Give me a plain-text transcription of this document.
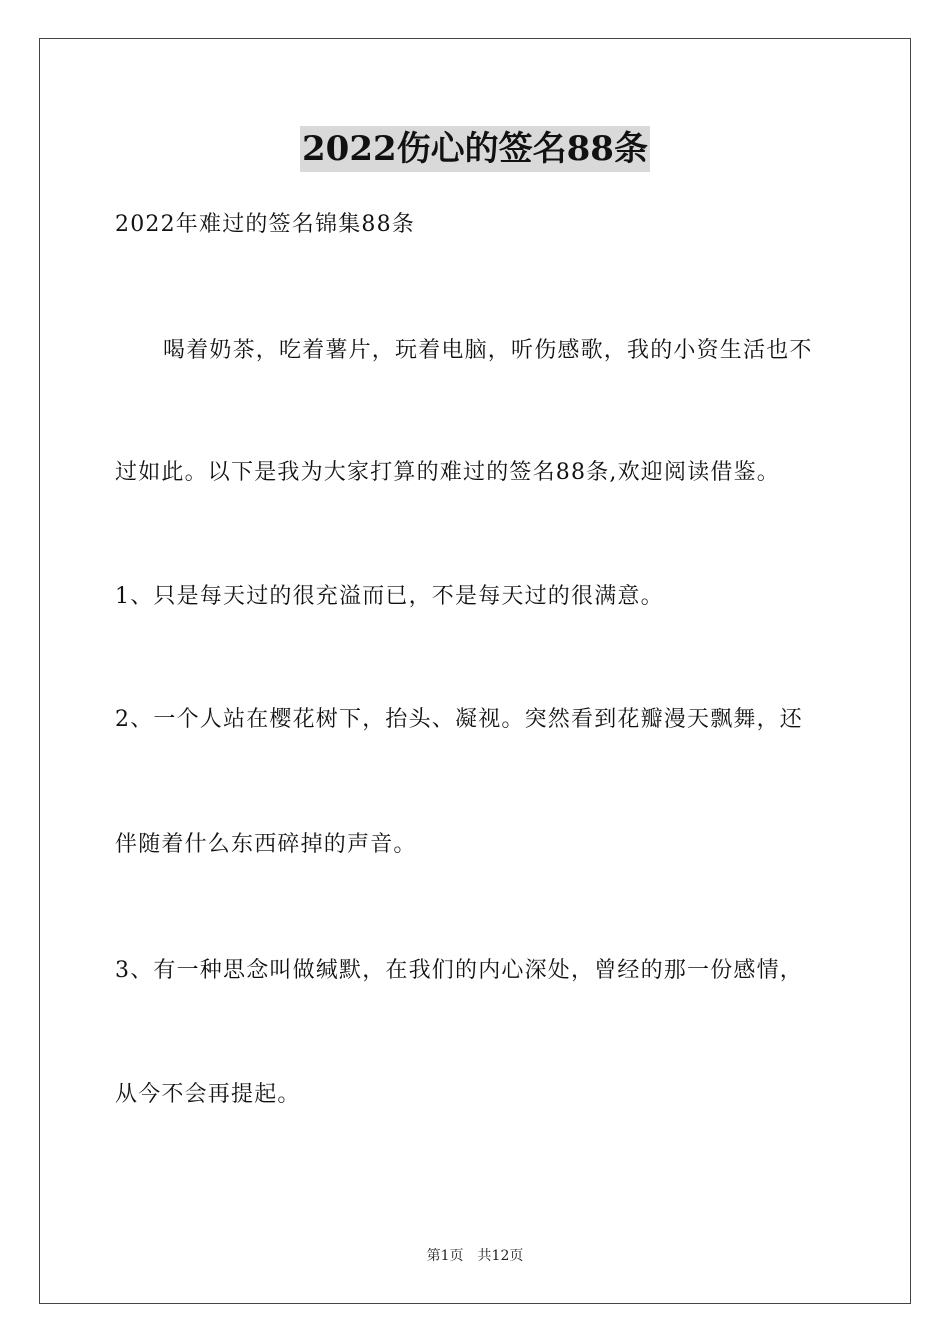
2022伤心的签名88条
2022年难过的签名锦集88条
喝着奶茶，吃着薯片，玩着电脑，听伤感歌，我的小资生活也不
过如此。以下是我为大家打算的难过的签名88条,欢迎阅读借鉴。
1、只是每天过的很充溢而已，不是每天过的很满意。
2、一个人站在樱花树下，抬头、凝视。突然看到花瓣漫天飘舞，还
伴随着什么东西碎掉的声音。
3、有一种思念叫做缄默，在我们的内心深处，曾经的那一份感情，
从今不会再提起。
第1页　共12页
